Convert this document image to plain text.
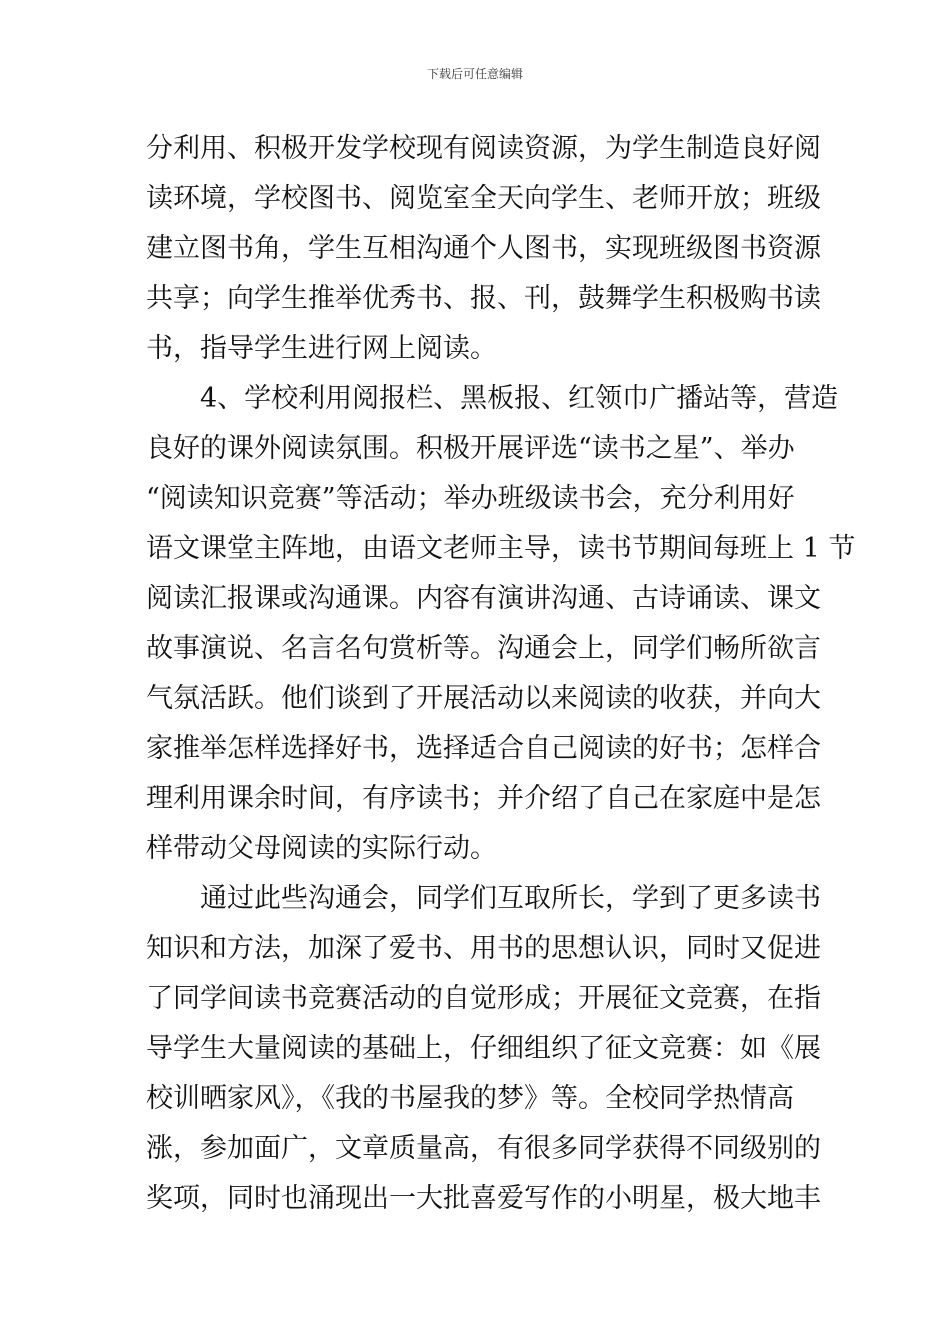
下载后可任意编辑
分利用、积极开发学校现有阅读资源，为学生制造良好阅
读环境，学校图书、阅览室全天向学生、老师开放；班级
建立图书角，学生互相沟通个人图书，实现班级图书资源
共享；向学生推举优秀书、报、刊，鼓舞学生积极购书读
书，指导学生进行网上阅读。
4、学校利用阅报栏、黑板报、红领巾广播站等，营造
良好的课外阅读氛围。积极开展评选“读书之星”、举办
“阅读知识竞赛”等活动；举办班级读书会，充分利用好
语文课堂主阵地，由语文老师主导，读书节期间每班上 1 节
阅读汇报课或沟通课。内容有演讲沟通、古诗诵读、课文
故事演说、名言名句赏析等。沟通会上，同学们畅所欲言
气氛活跃。他们谈到了开展活动以来阅读的收获，并向大
家推举怎样选择好书，选择适合自己阅读的好书；怎样合
理利用课余时间，有序读书；并介绍了自己在家庭中是怎
样带动父母阅读的实际行动。
通过此些沟通会，同学们互取所长，学到了更多读书
知识和方法，加深了爱书、用书的思想认识，同时又促进
了同学间读书竞赛活动的自觉形成；开展征文竞赛，在指
导学生大量阅读的基础上，仔细组织了征文竞赛：如《展
校训晒家风》，《我的书屋我的梦》等。全校同学热情高
涨，参加面广，文章质量高，有很多同学获得不同级别的
奖项，同时也涌现出一大批喜爱写作的小明星，极大地丰
